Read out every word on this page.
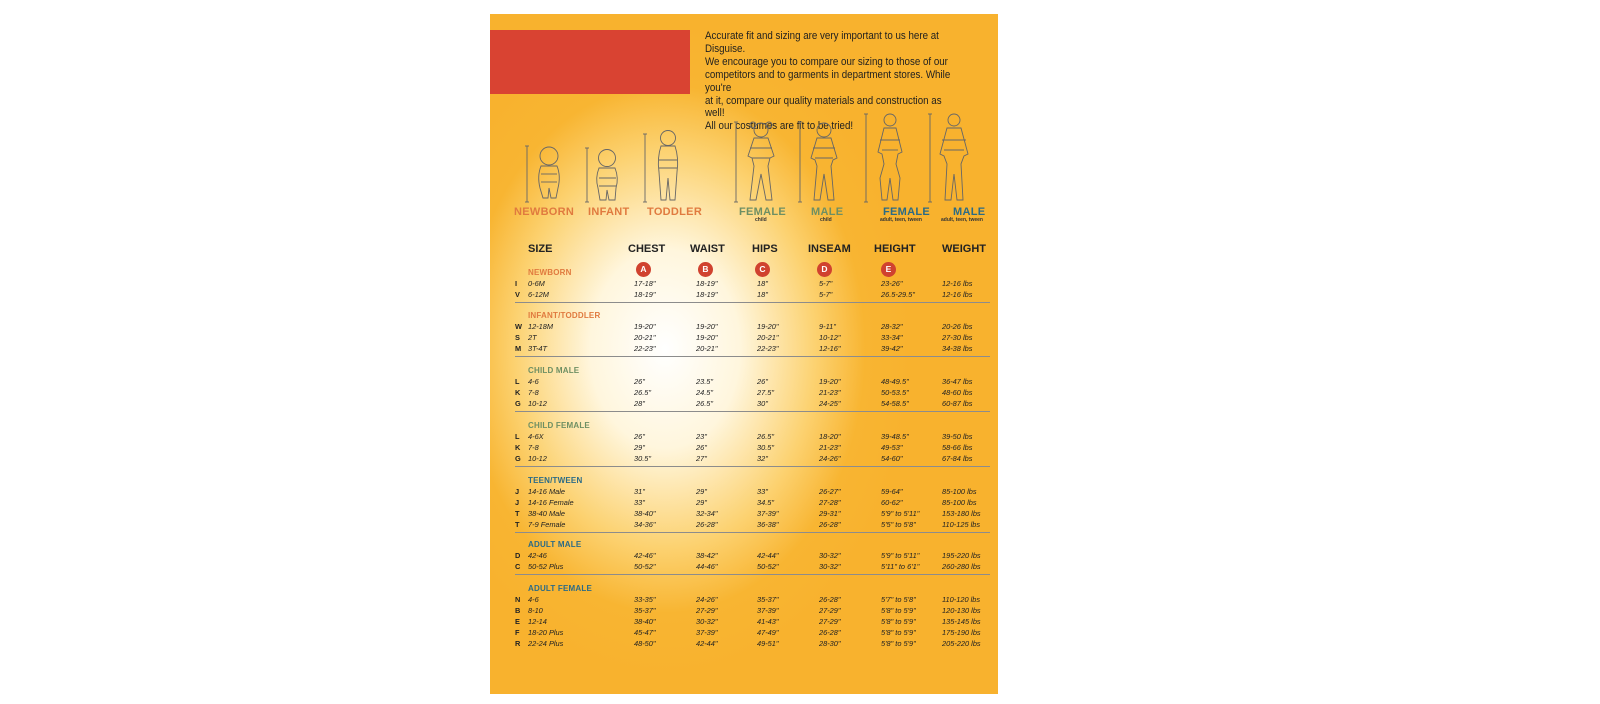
Accurate fit and sizing are very important to us here at Disguise.
We encourage you to compare our sizing to those of our
competitors and to garments in department stores. While you're
at it, compare our quality materials and construction as well!
All our costumes are fit to be tried!

NEWBORN INFANT TODDLER	FEMALE
child
MALE
child
FEMALE
adult, teen, tween
MALE
adult, teen, tween
SIZE	CHEST WAIST HIPS	INSEAM HEIGHT WEIGHT
A	B	C	D	E
NEWBORN
I 0-6M	17-18"	18-19"	18"	5-7"	23-26"	12-16 lbs
V 6-12M	18-19"	18-19"	18"	5-7"	26.5-29.5"	12-16 lbs
INFANT/TODDLER
W 12-18M	19-20"	19-20"	19-20"	9-11"	28-32"	20-26 lbs
S 2T	20-21"	19-20"	20-21"	10-12"	33-34"	27-30 lbs
M 3T-4T	22-23"	20-21"	22-23"	12-16"	39-42"	34-38 lbs
CHILD MALE
L 4-6	26"	23.5"	26"	19-20"	48-49.5"	36-47 lbs
K 7-8	26.5"	24.5"	27.5"	21-23"	50-53.5"	48-60 lbs
G 10-12	28"	26.5"	30"	24-25"	54-58.5"	60-87 lbs
CHILD FEMALE
L 4-6X	26"	23"	26.5"	18-20"	39-48.5"	39-50 lbs
K 7-8	29"	26"	30.5"	21-23"	49-53"	58-66 lbs
G 10-12	30.5"	27"	32"	24-26"	54-60"	67-84 lbs
TEEN/TWEEN
J 14-16 Male	31"	29"	33"	26-27"	59-64"	85-100 lbs
J 14-16 Female	33"	29"	34.5"	27-28"	60-62"	85-100 lbs
T 38-40 Male	38-40"	32-34"	37-39"	29-31"	5'9" to 5'11"	153-180 lbs
T 7-9 Female	34-36"	26-28"	36-38"	26-28"	5'5" to 5'8"	110-125 lbs
ADULT MALE
D 42-46	42-46"	38-42"	42-44"	30-32"	5'9" to 5'11"	195-220 lbs
C 50-52 Plus	50-52"	44-46"	50-52"	30-32"	5'11" to 6'1"	260-280 lbs
ADULT FEMALE
N 4-6	33-35"	24-26"	35-37"	26-28"	5'7" to 5'8"	110-120 lbs
B 8-10	35-37"	27-29"	37-39"	27-29"	5'8" to 5'9"	120-130 lbs
E 12-14	38-40"	30-32"	41-43"	27-29"	5'8" to 5'9"	135-145 lbs
F 18-20 Plus	45-47"	37-39"	47-49"	26-28"	5'8" to 5'9"	175-190 lbs
R 22-24 Plus	48-50"	42-44"	49-51"	28-30"	5'8" to 5'9"	205-220 lbs
